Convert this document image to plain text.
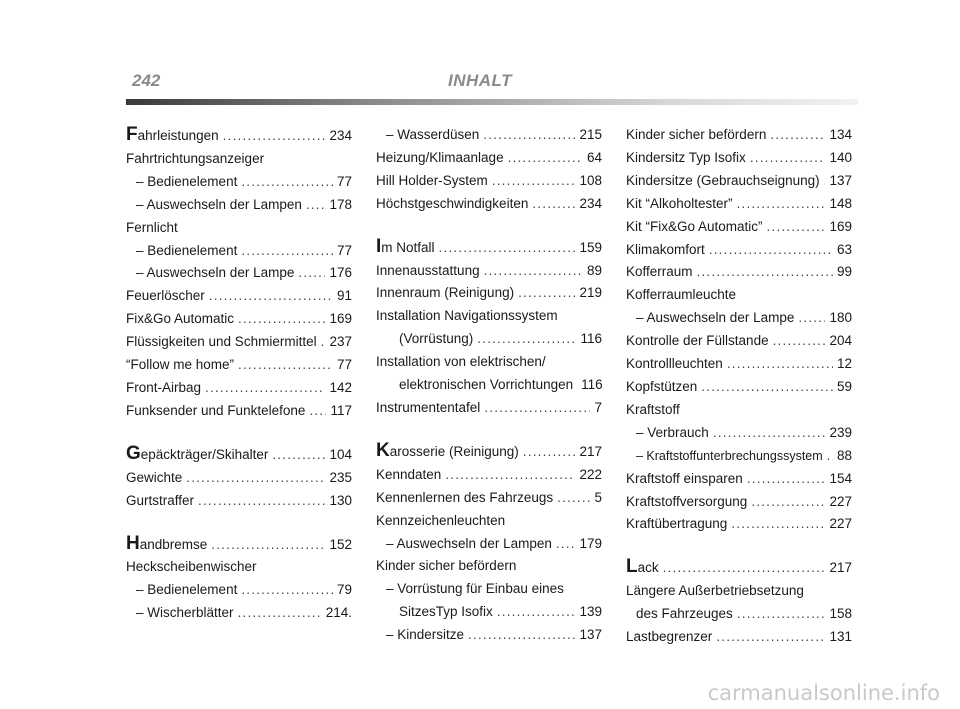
242	INHALT
Fahrleistungen .....	234
Fahrtrichtungsanzeiger
– Bedienelement .....	77
– Auswechseln der Lampen ..... 178
Fernlicht
– Bedienelement .....	77
– Auswechseln der Lampe .....	176
Feuerlöscher .....	91
Fix&Go Automatic .....	169
Flüssigkeiten und Schmiermittel ..... 237
“Follow me home” .....	77
Front-Airbag .....	142
Funksender und Funktelefone ..... 117
Gepäckträger/Skihalter .....	104
Gewichte .....	235
Gurtstraffer .....	130
Handbremse .....	152
Heckscheibenwischer
– Bedienelement .....	79
– Wischerblätter .....	214.
– Wasserdüsen .....	215
Heizung/Klimaanlage .....	64
Hill Holder-System .....	108
Höchstgeschwindigkeiten .....	234
Im Notfall .....	159
Innenausstattung .....	89
Innenraum (Reinigung) .....	219
Installation Navigationssystem
(Vorrüstung) .....	116
Installation von elektrischen/
elektronischen Vorrichtungen 116
Instrumententafel .....	7
Karosserie (Reinigung) .....	217
Kenndaten .....	222
Kennenlernen des Fahrzeugs .....	5
Kennzeichenleuchten
– Auswechseln der Lampen ..... 179
Kinder sicher befördern
– Vorrüstung für Einbau eines
SitzesTyp Isofix .....	139
– Kindersitze .....	137
Kinder sicher befördern .....	134
Kindersitz Typ Isofix .....	140
Kindersitze (Gebrauchseignung) ..... 137
Kit “Alkoholtester” .....	148
Kit “Fix&Go Automatic” .....	169
Klimakomfort .....	63
Kofferraum .....	99
Kofferraumleuchte
– Auswechseln der Lampe .....	180
Kontrolle der Füllstande .....	204
Kontrollleuchten .....	12
Kopfstützen .....	59
Kraftstoff
– Verbrauch .....	239
– Kraftstoffunterbrechungssystem ..... 88
Kraftstoff einsparen .....	154
Kraftstoffversorgung .....	227
Kraftübertragung .....	227
Lack .....	217
Längere Außerbetriebsetzung
des Fahrzeuges .....	158
Lastbegrenzer .....	131
carmanualsonline.info
